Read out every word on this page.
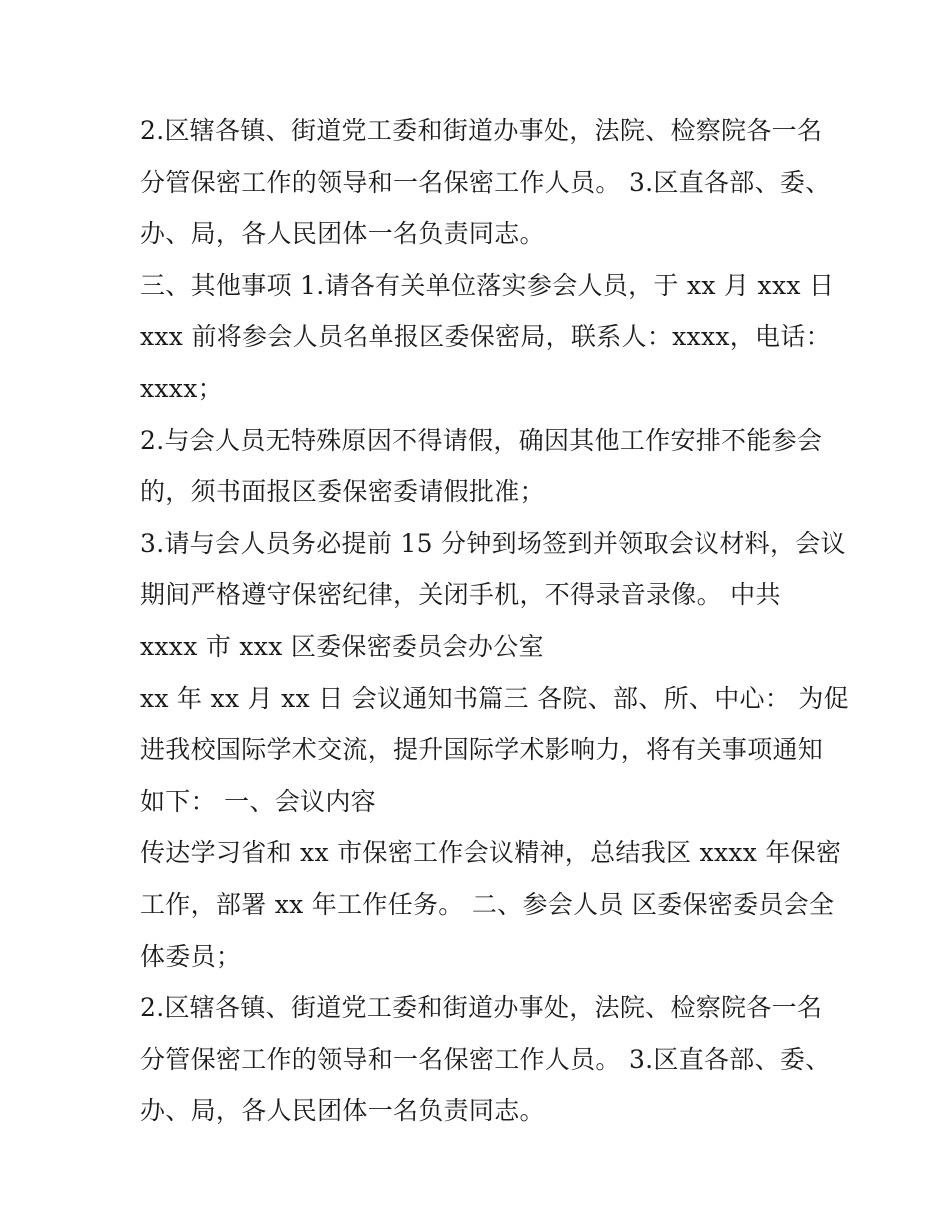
2.区辖各镇、街道党工委和街道办事处，法院、检察院各一名
分管保密工作的领导和一名保密工作人员。 3.区直各部、委、
办、局，各人民团体一名负责同志。
三、其他事项 1.请各有关单位落实参会人员，于 xx 月 xxx 日
xxx 前将参会人员名单报区委保密局，联系人：xxxx，电话：
xxxx；
2.与会人员无特殊原因不得请假，确因其他工作安排不能参会
的，须书面报区委保密委请假批准；
3.请与会人员务必提前 15 分钟到场签到并领取会议材料，会议
期间严格遵守保密纪律，关闭手机，不得录音录像。 中共
xxxx 市 xxx 区委保密委员会办公室
xx 年 xx 月 xx 日 会议通知书篇三 各院、部、所、中心： 为促
进我校国际学术交流，提升国际学术影响力，将有关事项通知
如下： 一、会议内容
传达学习省和 xx 市保密工作会议精神，总结我区 xxxx 年保密
工作，部署 xx 年工作任务。 二、参会人员 区委保密委员会全
体委员；
2.区辖各镇、街道党工委和街道办事处，法院、检察院各一名
分管保密工作的领导和一名保密工作人员。 3.区直各部、委、
办、局，各人民团体一名负责同志。
